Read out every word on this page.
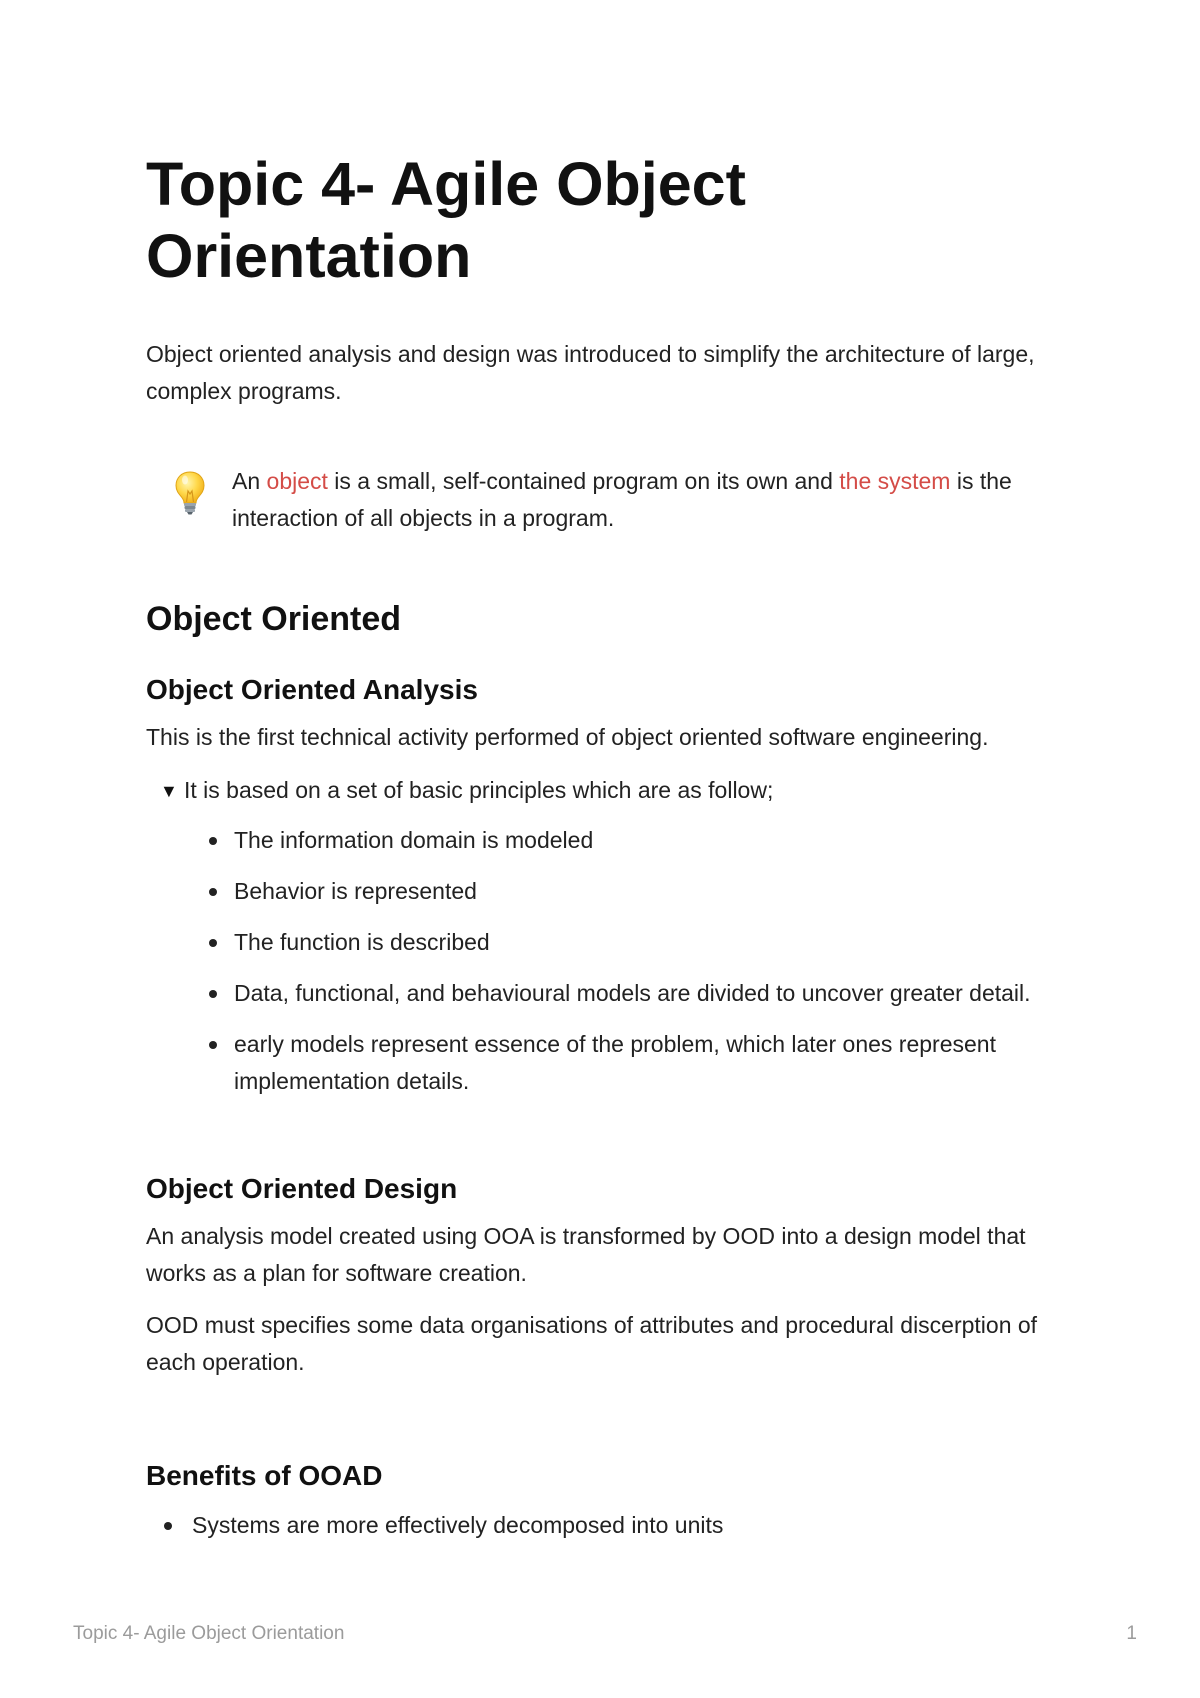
Topic 4- Agile Object Orientation

Object oriented analysis and design was introduced to simplify the architecture of large, complex programs.

An object is a small, self-contained program on its own and the system is the interaction of all objects in a program.

Object Oriented
Object Oriented Analysis

This is the first technical activity performed of object oriented software engineering.

▼ It is based on a set of basic principles which are as follow;
The information domain is modeled
Behavior is represented
The function is described
Data, functional, and behavioural models are divided to uncover greater detail.
early models represent essence of the problem, which later ones represent implementation details.
Object Oriented Design

An analysis model created using OOA is transformed by OOD into a design model that works as a plan for software creation.

OOD must specifies some data organisations of attributes and procedural discerption of each operation.

Benefits of OOAD
Systems are more effectively decomposed into units
Topic 4- Agile Object Orientation	1
